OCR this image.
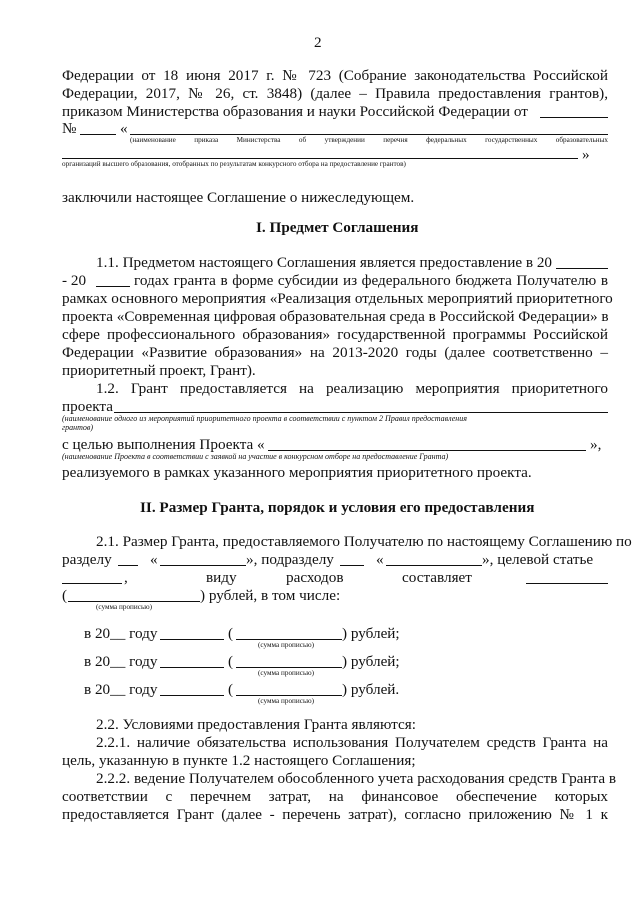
2
Федерации от 18 июня 2017 г. № 723 (Собрание законодательства Российской
Федерации, 2017, № 26, ст. 3848) (далее – Правила предоставления грантов),
приказом Министерства образования и науки Российской Федерации от
№	«
(наименование приказа Министерства об утверждении перечня федеральных государственных образовательных
»
организаций высшего образования, отобранных по результатам конкурсного отбора на предоставление грантов)
заключили настоящее Соглашение о нижеследующем.
I. Предмет Соглашения
1.1. Предметом настоящего Соглашения является предоставление в 20
- 20	годах гранта в форме субсидии из федерального бюджета Получателю в
рамках основного мероприятия «Реализация отдельных мероприятий приоритетного
проекта «Современная цифровая образовательная среда в Российской Федерации» в
сфере профессионального образования» государственной программы Российской
Федерации «Развитие образования» на 2013-2020 годы (далее соответственно –
приоритетный проект, Грант).
1.2. Грант предоставляется на реализацию мероприятия приоритетного
проекта
(наименование одного из мероприятий приоритетного проекта в соответствии с пунктом 2 Правил предоставления
грантов)
с целью выполнения Проекта «	»,
(наименование Проекта в соответствии с заявкой на участие в конкурсном отборе на предоставление Гранта)
реализуемого в рамках указанного мероприятия приоритетного проекта.
II. Размер Гранта, порядок и условия его предоставления
2.1. Размер Гранта, предоставляемого Получателю по настоящему Соглашению по
разделу	«	», подразделу	«	», целевой статье
,	виду	расходов	составляет
(	) рублей, в том числе:
(сумма прописью)
в 20__ году	(	) рублей;
(сумма прописью)
в 20__ году	(	) рублей;
(сумма прописью)
в 20__ году	(	) рублей.
(сумма прописью)
2.2. Условиями предоставления Гранта являются:
2.2.1. наличие обязательства использования Получателем средств Гранта на
цель, указанную в пункте 1.2 настоящего Соглашения;
2.2.2. ведение Получателем обособленного учета расходования средств Гранта в
соответствии с перечнем затрат, на финансовое обеспечение которых
предоставляется Грант (далее - перечень затрат), согласно приложению № 1 к
